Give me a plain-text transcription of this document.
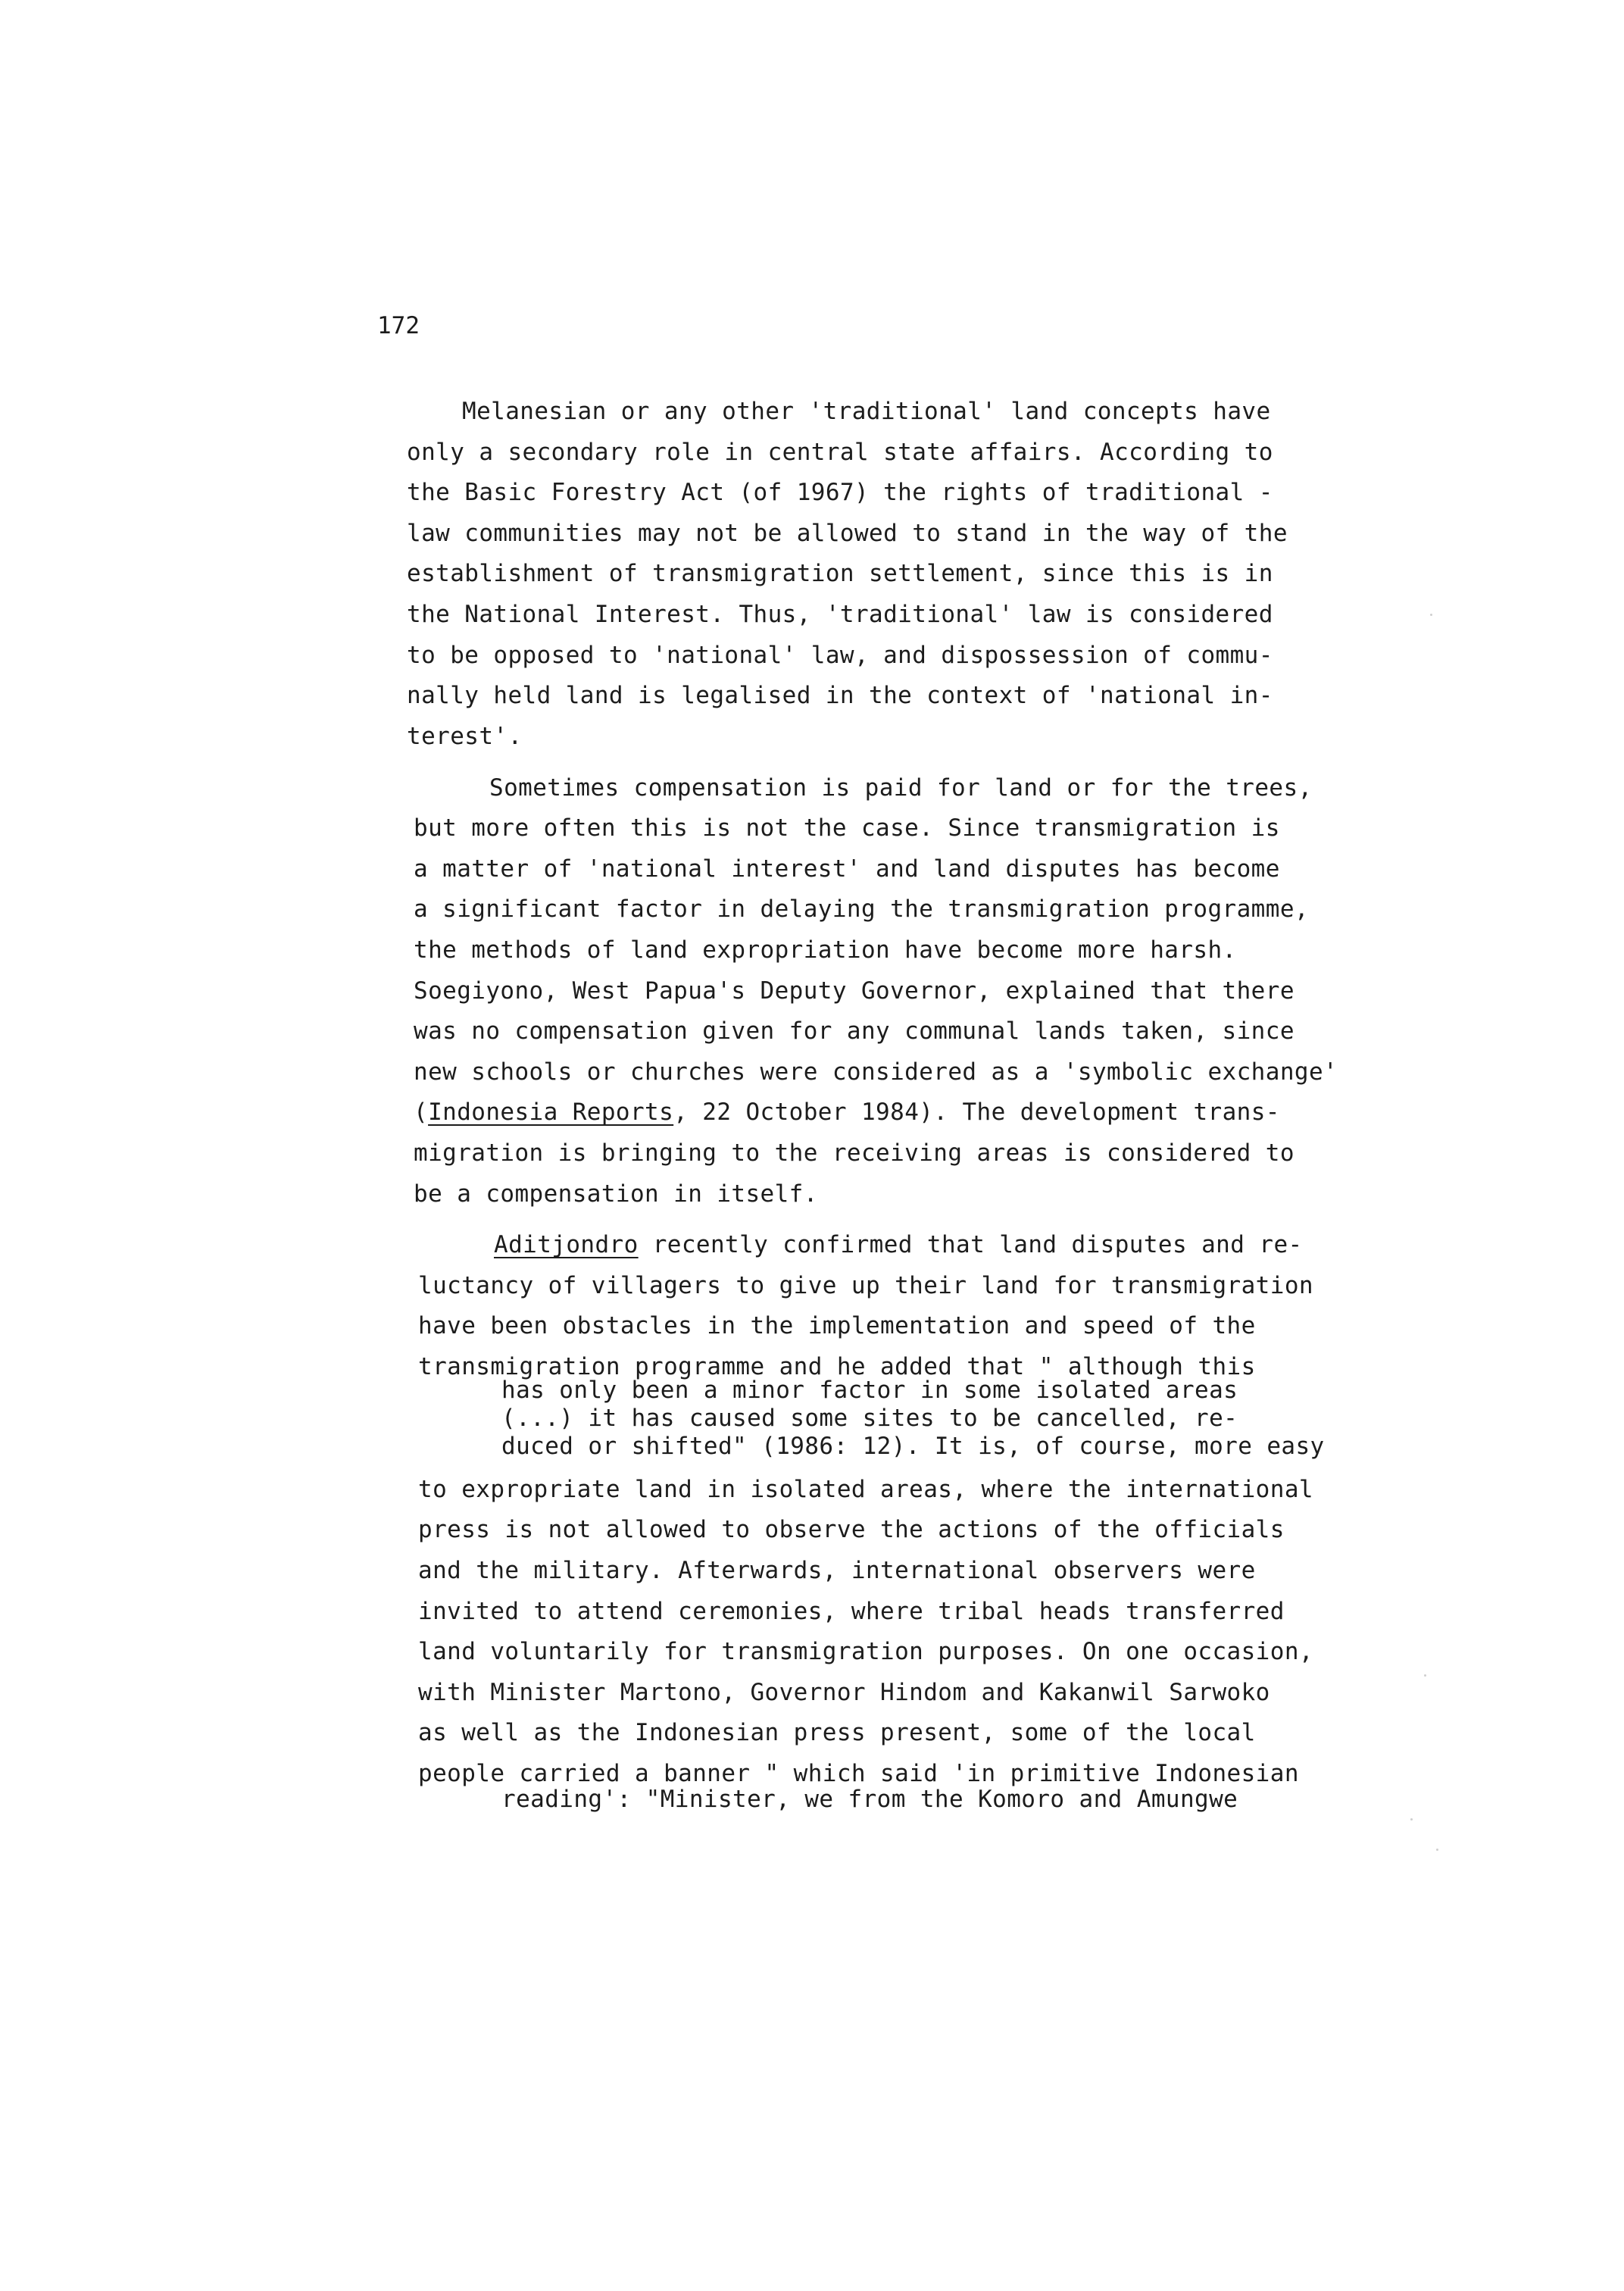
172
Melanesian or any other 'traditional' land concepts have
only a secondary role in central state affairs. According to
the Basic Forestry Act (of 1967) the rights of traditional -
law communities may not be allowed to stand in the way of the
establishment of transmigration settlement, since this is in
the National Interest. Thus, 'traditional' law is considered
to be opposed to 'national' law, and dispossession of commu-
nally held land is legalised in the context of 'national in-
terest'.
Sometimes compensation is paid for land or for the trees,
but more often this is not the case. Since transmigration is
a matter of 'national interest' and land disputes has become
a significant factor in delaying the transmigration programme,
the methods of land expropriation have become more harsh.
Soegiyono, West Papua's Deputy Governor, explained that there
was no compensation given for any communal lands taken, since
new schools or churches were considered as a 'symbolic exchange'
(Indonesia Reports, 22 October 1984). The development trans-
migration is bringing to the receiving areas is considered to
be a compensation in itself.
Aditjondro recently confirmed that land disputes and re-
luctancy of villagers to give up their land for transmigration
have been obstacles in the implementation and speed of the
transmigration programme and he added that " although this
has only been a minor factor in some isolated areas
(...) it has caused some sites to be cancelled, re-
duced or shifted" (1986: 12). It is, of course, more easy
to expropriate land in isolated areas, where the international
press is not allowed to observe the actions of the officials
and the military. Afterwards, international observers were
invited to attend ceremonies, where tribal heads transferred
land voluntarily for transmigration purposes. On one occasion,
with Minister Martono, Governor Hindom and Kakanwil Sarwoko
as well as the Indonesian press present, some of the local
people carried a banner " which said 'in primitive Indonesian
reading': "Minister, we from the Komoro and Amungwe
